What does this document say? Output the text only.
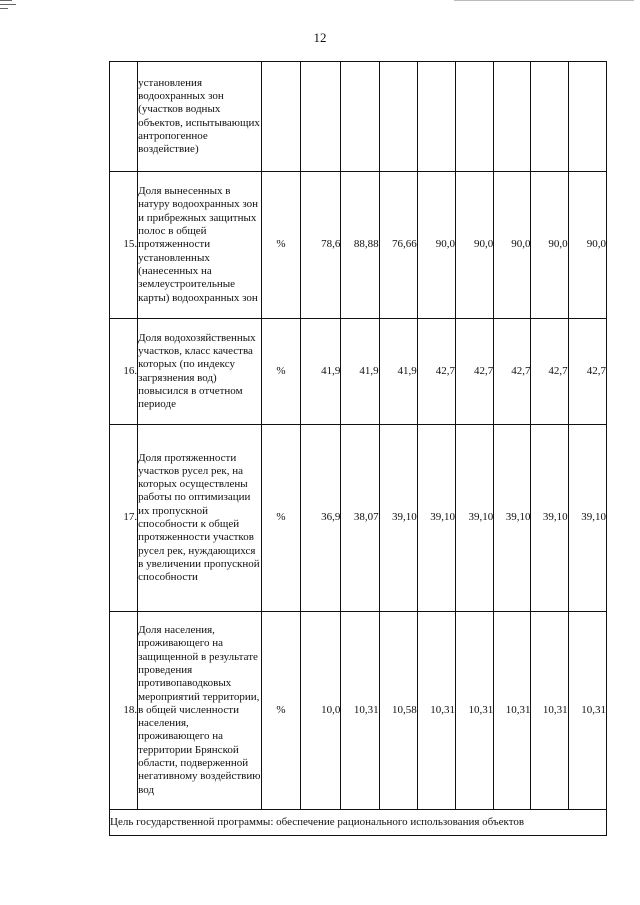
12
	установления водоохранных зон (участков водных объектов, испытывающих антропогенное воздействие)									
15.	Доля вынесенных в натуру водоохранных зон и прибрежных защитных полос в общей протяженности установленных (нанесенных на землеустроительные карты) водоохранных зон	%	78,6	88,88	76,66	90,0	90,0	90,0	90,0	90,0
16.	Доля водохозяйственных участков, класс качества которых (по индексу загрязнения вод) повысился в отчетном периоде	%	41,9	41,9	41,9	42,7	42,7	42,7	42,7	42,7
17.	Доля протяженности участков русел рек, на которых осуществлены работы по оптимизации их пропускной способности к общей протяженности участков русел рек, нуждающихся в увеличении пропускной способности	%	36,9	38,07	39,10	39,10	39,10	39,10	39,10	39,10
18.	Доля населения, проживающего на защищенной в результате проведения противопаводковых мероприятий территории, в общей численности населения, проживающего на территории Брянской области, подверженной негативному воздействию вод	%	10,0	10,31	10,58	10,31	10,31	10,31	10,31	10,31
Цель государственной программы: обеспечение рационального использования объектов										
